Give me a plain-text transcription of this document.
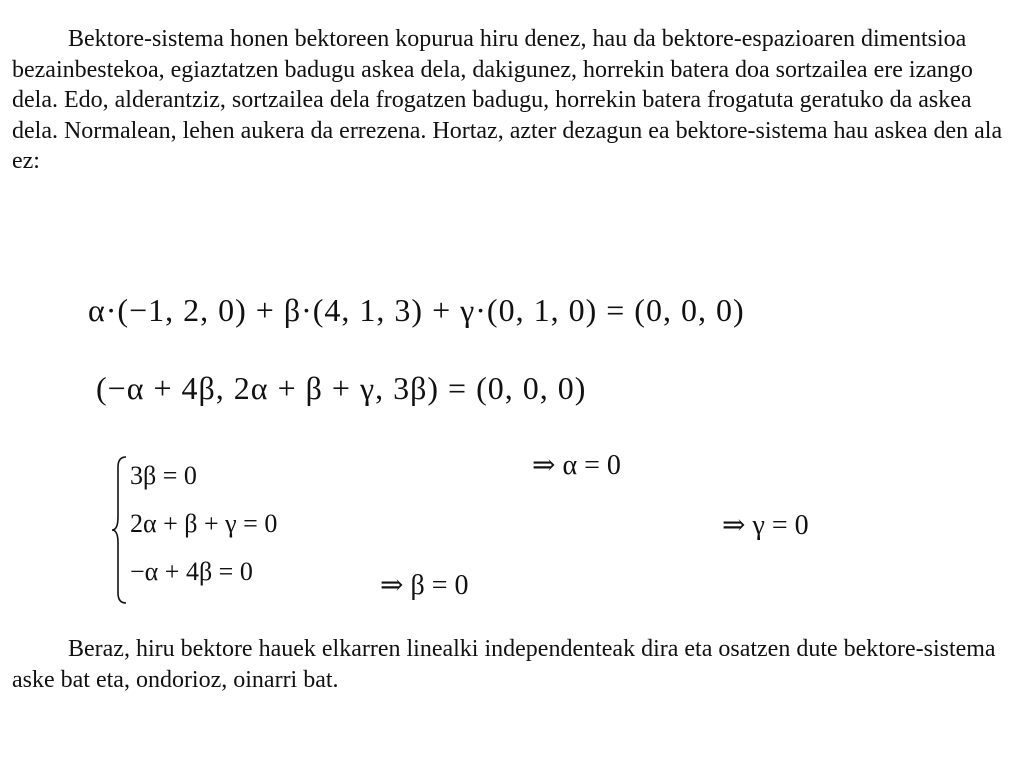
Bektore-sistema honen bektoreen kopurua hiru denez, hau da bektore-espazioaren dimentsioa bezainbestekoa, egiaztatzen badugu askea dela, dakigunez, horrekin batera doa sortzailea ere izango dela. Edo, alderantziz, sortzailea dela frogatzen badugu, horrekin batera frogatuta geratuko da askea dela. Normalean, lehen aukera da errezena. Hortaz, azter dezagun ea bektore-sistema hau askea den ala ez:

α·(−1, 2, 0) + β·(4, 1, 3) + γ·(0, 1, 0) = (0, 0, 0)
(−α + 4β, 2α + β + γ, 3β) = (0, 0, 0)
3β = 0
2α + β + γ = 0
−α + 4β = 0
⇒ α = 0
⇒ γ = 0
⇒ β = 0

Beraz, hiru bektore hauek elkarren linealki independenteak dira eta osatzen dute bektore-sistema aske bat eta, ondorioz, oinarri bat.
